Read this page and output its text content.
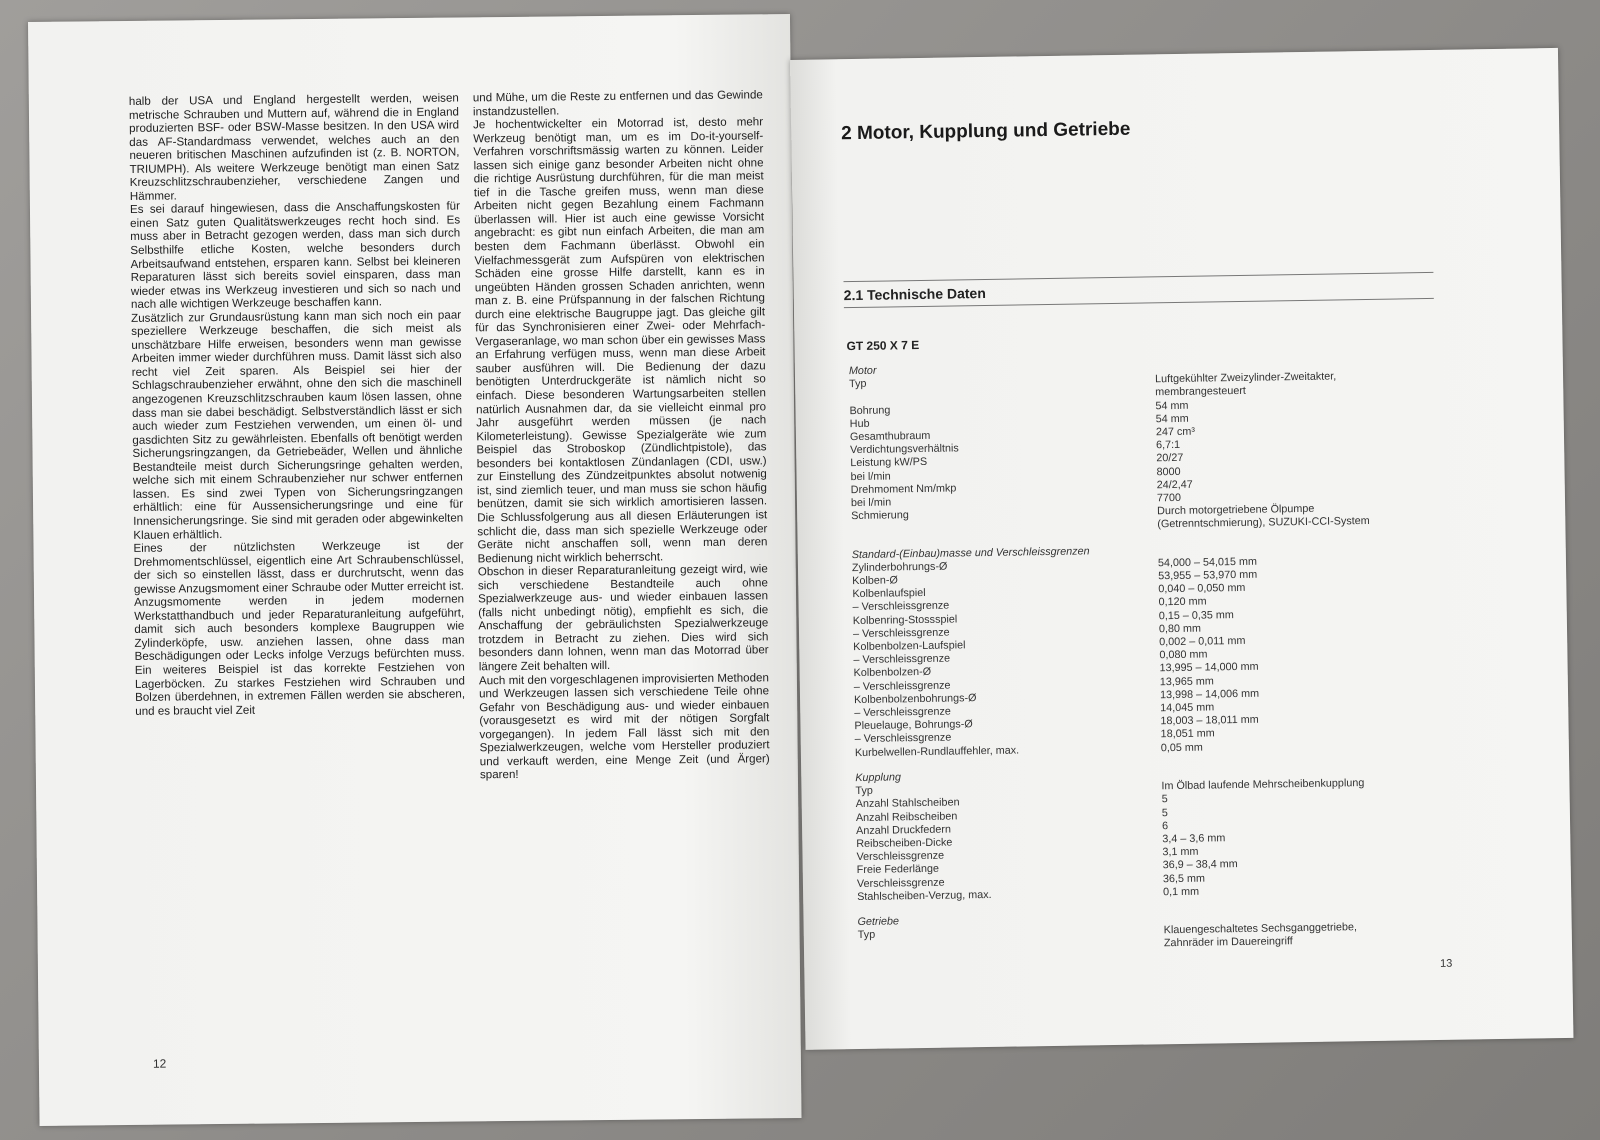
halb der USA und England hergestellt werden, weisen metrische Schrauben und Muttern auf, während die in England produzierten BSF- oder BSW-Masse besitzen. In den USA wird das AF-Standardmass verwendet, welches auch an den neueren britischen Maschinen aufzufinden ist (z. B. NORTON, TRIUMPH). Als weitere Werkzeuge benötigt man einen Satz Kreuzschlitzschraubenzieher, verschiedene Zangen und Hämmer.

Es sei darauf hingewiesen, dass die Anschaffungskosten für einen Satz guten Qualitätswerkzeuges recht hoch sind. Es muss aber in Betracht gezogen werden, dass man sich durch Selbsthilfe etliche Kosten, welche besonders durch Arbeitsaufwand entstehen, ersparen kann. Selbst bei kleineren Reparaturen lässt sich bereits soviel einsparen, dass man wieder etwas ins Werkzeug investieren und sich so nach und nach alle wichtigen Werkzeuge beschaffen kann.

Zusätzlich zur Grundausrüstung kann man sich noch ein paar speziellere Werkzeuge beschaffen, die sich meist als unschätzbare Hilfe erweisen, besonders wenn man gewisse Arbeiten immer wieder durchführen muss. Damit lässt sich also recht viel Zeit sparen. Als Beispiel sei hier der Schlagschraubenzieher erwähnt, ohne den sich die maschinell angezogenen Kreuzschlitzschrauben kaum lösen lassen, ohne dass man sie dabei beschädigt. Selbstverständlich lässt er sich auch wieder zum Festziehen verwenden, um einen öl- und gasdichten Sitz zu gewährleisten. Ebenfalls oft benötigt werden Sicherungsringzangen, da Getriebeäder, Wellen und ähnliche Bestandteile meist durch Sicherungsringe gehalten werden, welche sich mit einem Schraubenzieher nur schwer entfernen lassen. Es sind zwei Typen von Sicherungsringzangen erhältlich: eine für Aussensicherungsringe und eine für Innensicherungsringe. Sie sind mit geraden oder abgewinkelten Klauen erhältlich.

Eines der nützlichsten Werkzeuge ist der Drehmomentschlüssel, eigentlich eine Art Schraubenschlüssel, der sich so einstellen lässt, dass er durchrutscht, wenn das gewisse Anzugsmoment einer Schraube oder Mutter erreicht ist. Anzugsmomente werden in jedem modernen Werkstatthandbuch und jeder Reparaturanleitung aufgeführt, damit sich auch besonders komplexe Baugruppen wie Zylinderköpfe, usw. anziehen lassen, ohne dass man Beschädigungen oder Lecks infolge Verzugs befürchten muss. Ein weiteres Beispiel ist das korrekte Festziehen von Lagerböcken. Zu starkes Festziehen wird Schrauben und Bolzen überdehnen, in extremen Fällen werden sie abscheren, und es braucht viel Zeit

und Mühe, um die Reste zu entfernen und das Gewinde instandzustellen.

Je hochentwickelter ein Motorrad ist, desto mehr Werkzeug benötigt man, um es im Do-it-yourself-Verfahren vorschriftsmässig warten zu können. Leider lassen sich einige ganz besonder Arbeiten nicht ohne die richtige Ausrüstung durchführen, für die man meist tief in die Tasche greifen muss, wenn man diese Arbeiten nicht gegen Bezahlung einem Fachmann überlassen will. Hier ist auch eine gewisse Vorsicht angebracht: es gibt nun einfach Arbeiten, die man am besten dem Fachmann überlässt. Obwohl ein Vielfachmessgerät zum Aufspüren von elektrischen Schäden eine grosse Hilfe darstellt, kann es in ungeübten Händen grossen Schaden anrichten, wenn man z. B. eine Prüfspannung in der falschen Richtung durch eine elektrische Baugruppe jagt. Das gleiche gilt für das Synchronisieren einer Zwei- oder Mehrfach-Vergaseranlage, wo man schon über ein gewisses Mass an Erfahrung verfügen muss, wenn man diese Arbeit sauber ausführen will. Die Bedienung der dazu benötigten Unterdruckgeräte ist nämlich nicht so einfach. Diese besonderen Wartungsarbeiten stellen natürlich Ausnahmen dar, da sie vielleicht einmal pro Jahr ausgeführt werden müssen (je nach Kilometerleistung). Gewisse Spezialgeräte wie zum Beispiel das Stroboskop (Zündlichtpistole), das besonders bei kontaktlosen Zündanlagen (CDI, usw.) zur Einstellung des Zündzeitpunktes absolut notwenig ist, sind ziemlich teuer, und man muss sie schon häufig benützen, damit sie sich wirklich amortisieren lassen. Die Schlussfolgerung aus all diesen Erläuterungen ist schlicht die, dass man sich spezielle Werkzeuge oder Geräte nicht anschaffen soll, wenn man deren Bedienung nicht wirklich beherrscht.

Obschon in dieser Reparaturanleitung gezeigt wird, wie sich verschiedene Bestandteile auch ohne Spezialwerkzeuge aus- und wieder einbauen lassen (falls nicht unbedingt nötig), empfiehlt es sich, die Anschaffung der gebräulichsten Spezialwerkzeuge trotzdem in Betracht zu ziehen. Dies wird sich besonders dann lohnen, wenn man das Motorrad über längere Zeit behalten will.

Auch mit den vorgeschlagenen improvisierten Methoden und Werkzeugen lassen sich verschiedene Teile ohne Gefahr von Beschädigung aus- und wieder einbauen (vorausgesetzt es wird mit der nötigen Sorgfalt vorgegangen). In jedem Fall lässt sich mit den Spezialwerkzeugen, welche vom Hersteller produziert und verkauft werden, eine Menge Zeit (und Ärger) sparen!

12
2 Motor, Kupplung und Getriebe
2.1 Technische Daten
GT 250 X 7 E
Motor
Typ	Luftgekühlter Zweizylinder-Zweitakter,
membrangesteuert
Bohrung	54 mm
Hub	54 mm
Gesamthubraum	247 cm³
Verdichtungsverhältnis	6,7:1
Leistung kW/PS	20/27
bei l/min	8000
Drehmoment Nm/mkp	24/2,47
bei l/min	7700
Schmierung	Durch motorgetriebene Ölpumpe
(Getrenntschmierung), SUZUKI-CCI-System
Standard-(Einbau)masse und Verschleissgrenzen
Zylinderbohrungs-Ø	54,000 – 54,015 mm
Kolben-Ø	53,955 – 53,970 mm
Kolbenlaufspiel	0,040 – 0,050 mm
– Verschleissgrenze	0,120 mm
Kolbenring-Stossspiel	0,15 – 0,35 mm
– Verschleissgrenze	0,80 mm
Kolbenbolzen-Laufspiel	0,002 – 0,011 mm
– Verschleissgrenze	0,080 mm
Kolbenbolzen-Ø	13,995 – 14,000 mm
– Verschleissgrenze	13,965 mm
Kolbenbolzenbohrungs-Ø	13,998 – 14,006 mm
– Verschleissgrenze	14,045 mm
Pleuelauge, Bohrungs-Ø	18,003 – 18,011 mm
– Verschleissgrenze	18,051 mm
Kurbelwellen-Rundlauffehler, max.	0,05 mm
Kupplung
Typ	Im Ölbad laufende Mehrscheibenkupplung
Anzahl Stahlscheiben	5
Anzahl Reibscheiben	5
Anzahl Druckfedern	6
Reibscheiben-Dicke	3,4 – 3,6 mm
Verschleissgrenze	3,1 mm
Freie Federlänge	36,9 – 38,4 mm
Verschleissgrenze	36,5 mm
Stahlscheiben-Verzug, max.	0,1 mm
Getriebe
Typ	Klauengeschaltetes Sechsganggetriebe,
Zahnräder im Dauereingriff
13
